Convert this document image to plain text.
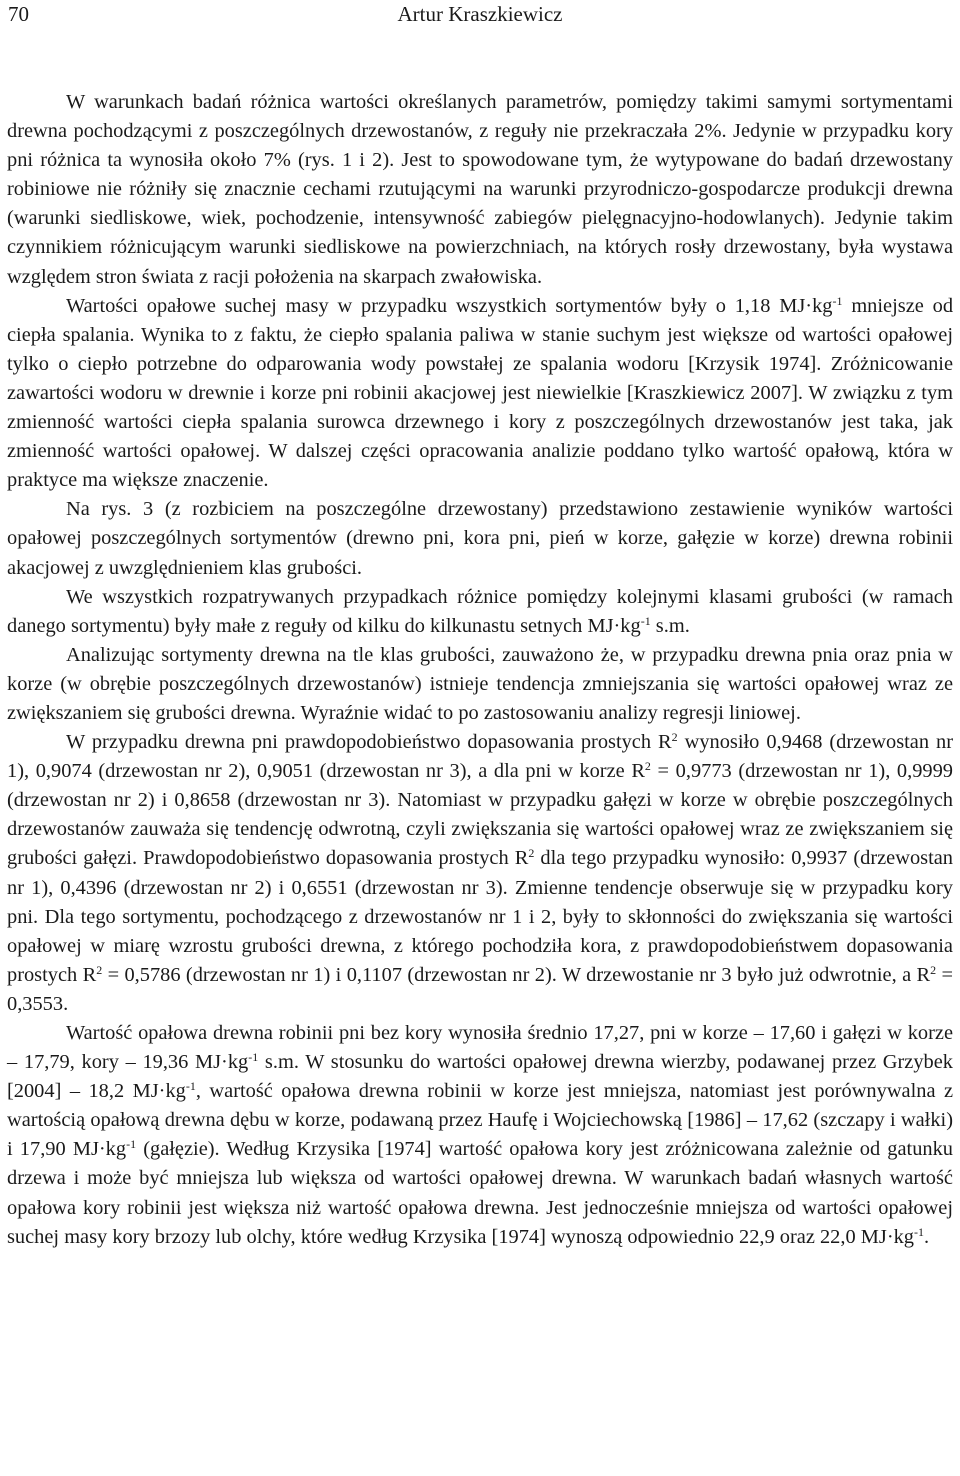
70	Artur Kraszkiewicz

W warunkach badań różnica wartości określanych parametrów, pomiędzy takimi samymi sortymentami drewna pochodzącymi z poszczególnych drzewostanów, z reguły nie przekraczała 2%. Jedynie w przypadku kory pni różnica ta wynosiła około 7% (rys. 1 i 2). Jest to spowodowane tym, że wytypowane do badań drzewostany robiniowe nie różniły się znacznie cechami rzutującymi na warunki przyrodniczo-gospodarcze produkcji drewna (warunki siedliskowe, wiek, pochodzenie, intensywność zabiegów pielęgnacyjno-hodowlanych). Jedynie takim czynnikiem różnicującym warunki siedliskowe na powierzchniach, na których rosły drzewostany, była wystawa względem stron świata z racji położenia na skarpach zwałowiska.

Wartości opałowe suchej masy w przypadku wszystkich sortymentów były o 1,18 $MJ\cdot kg^{-1}$ mniejsze od ciepła spalania. Wynika to z faktu, że ciepło spalania paliwa w stanie suchym jest większe od wartości opałowej tylko o ciepło potrzebne do odparowania wody powstałej ze spalania wodoru [Krzysik 1974]. Zróżnicowanie zawartości wodoru w drewnie i korze pni robinii akacjowej jest niewielkie [Kraszkiewicz 2007]. W związku z tym zmienność wartości ciepła spalania surowca drzewnego i kory z poszczególnych drzewostanów jest taka, jak zmienność wartości opałowej. W dalszej części opracowania analizie poddano tylko wartość opałową, która w praktyce ma większe znaczenie.

Na rys. 3 (z rozbiciem na poszczególne drzewostany) przedstawiono zestawienie wyników wartości opałowej poszczególnych sortymentów (drewno pni, kora pni, pień w korze, gałęzie w korze) drewna robinii akacjowej z uwzględnieniem klas grubości.

We wszystkich rozpatrywanych przypadkach różnice pomiędzy kolejnymi klasami grubości (w ramach danego sortymentu) były małe z reguły od kilku do kilkunastu setnych $MJ\cdot kg^{-1}$ s.m.

Analizując sortymenty drewna na tle klas grubości, zauważono że, w przypadku drewna pnia oraz pnia w korze (w obrębie poszczególnych drzewostanów) istnieje tendencja zmniejszania się wartości opałowej wraz ze zwiększaniem się grubości drewna. Wyraźnie widać to po zastosowaniu analizy regresji liniowej.

W przypadku drewna pni prawdopodobieństwo dopasowania prostych $R^2$ wynosiło 0,9468 (drzewostan nr 1), 0,9074 (drzewostan nr 2), 0,9051 (drzewostan nr 3), a dla pni w korze $R^2 = 0,9773$ (drzewostan nr 1), 0,9999 (drzewostan nr 2) i 0,8658 (drzewostan nr 3). Natomiast w przypadku gałęzi w korze w obrębie poszczególnych drzewostanów zauważa się tendencję odwrotną, czyli zwiększania się wartości opałowej wraz ze zwiększaniem się grubości gałęzi. Prawdopodobieństwo dopasowania prostych $R^2$ dla tego przypadku wynosiło: 0,9937 (drzewostan nr 1), 0,4396 (drzewostan nr 2) i 0,6551 (drzewostan nr 3). Zmienne tendencje obserwuje się w przypadku kory pni. Dla tego sortymentu, pochodzącego z drzewostanów nr 1 i 2, były to skłonności do zwiększania się wartości opałowej w miarę wzrostu grubości drewna, z którego pochodziła kora, z prawdopodobieństwem dopasowania prostych $R^2 = 0,5786$ (drzewostan nr 1) i 0,1107 (drzewostan nr 2). W drzewostanie nr 3 było już odwrotnie, a $R^2 = 0,3553$.

Wartość opałowa drewna robinii pni bez kory wynosiła średnio 17,27, pni w korze – 17,60 i gałęzi w korze – 17,79, kory – 19,36 $MJ\cdot kg^{-1}$ s.m. W stosunku do wartości opałowej drewna wierzby, podawanej przez Grzybek [2004] – 18,2 $MJ\cdot kg^{-1}$, wartość opałowa drewna robinii w korze jest mniejsza, natomiast jest porównywalna z wartością opałową drewna dębu w korze, podawaną przez Haufę i Wojciechowską [1986] – 17,62 (szczapy i wałki) i 17,90 $MJ\cdot kg^{-1}$ (gałęzie). Według Krzysika [1974] wartość opałowa kory jest zróżnicowana zależnie od gatunku drzewa i może być mniejsza lub większa od wartości opałowej drewna. W warunkach badań własnych wartość opałowa kory robinii jest większa niż wartość opałowa drewna. Jest jednocześnie mniejsza od wartości opałowej suchej masy kory brzozy lub olchy, które według Krzysika [1974] wynoszą odpowiednio 22,9 oraz 22,0 $MJ\cdot kg^{-1}$.
